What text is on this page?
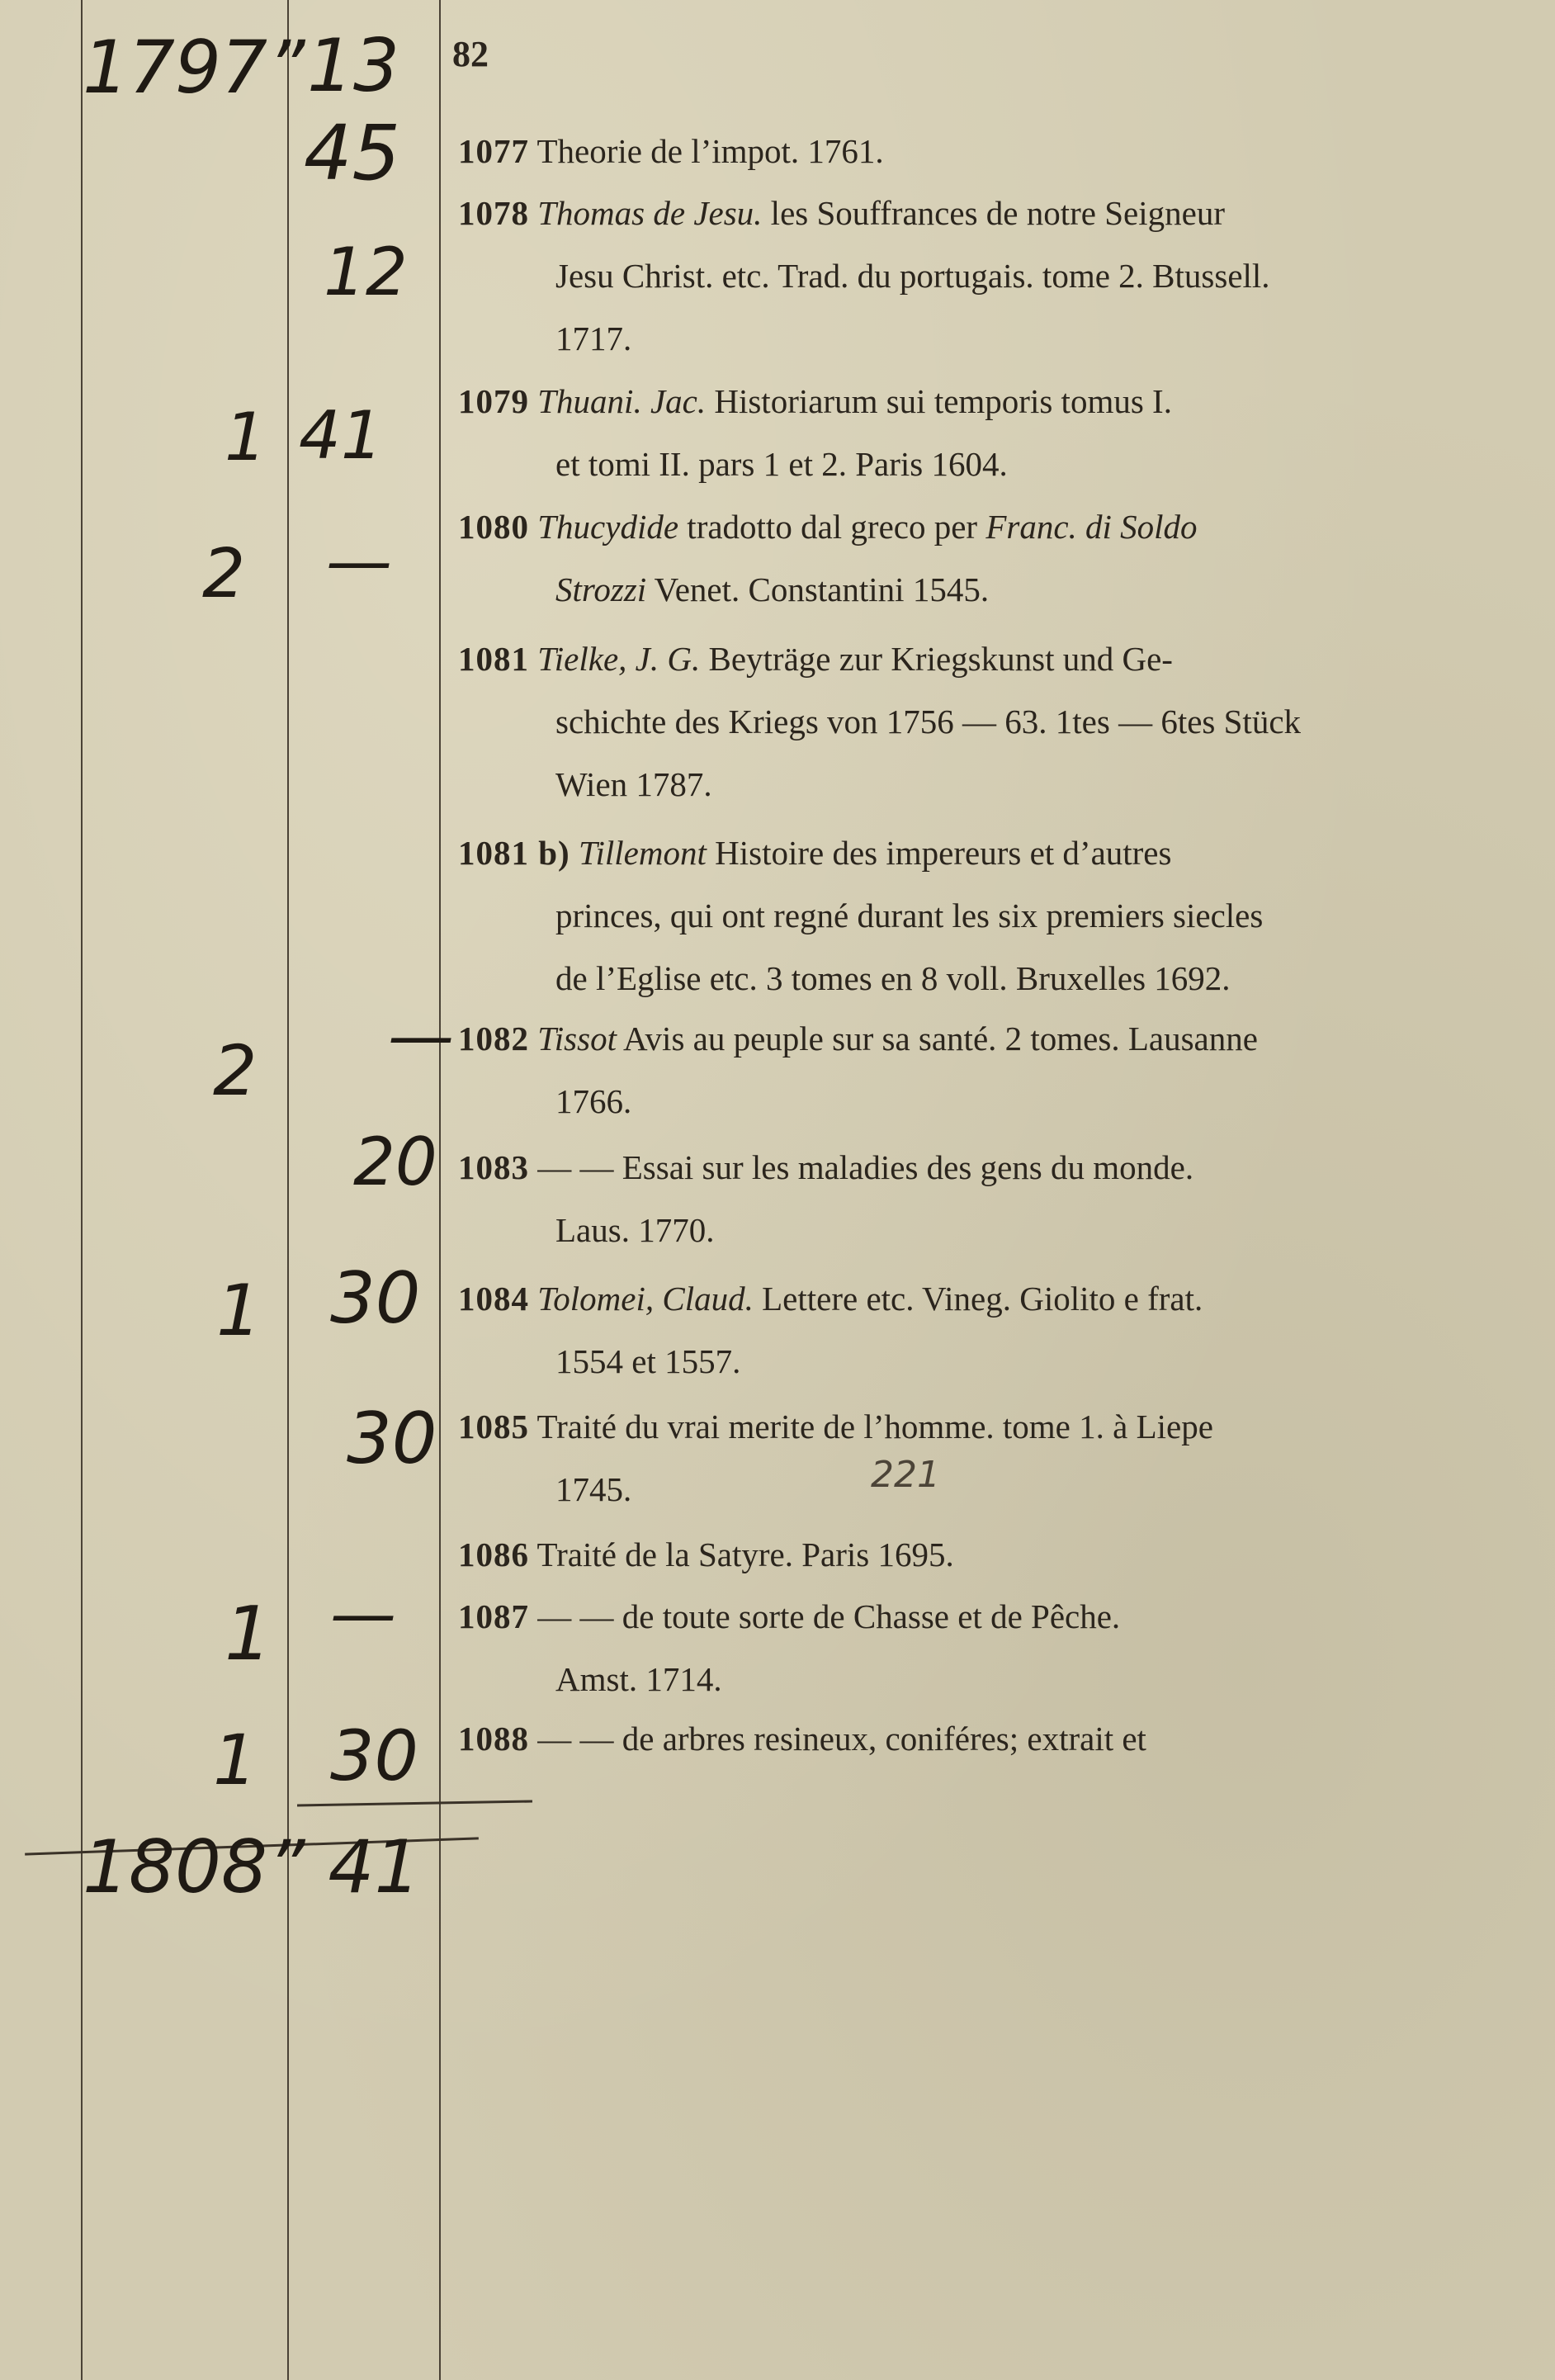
82
1797” 13
45
12
1 41
2 —
2 —
20
1 30
30
1 —
1 30
1808” 41
221
1077 Theorie de l’impot. 1761.
1078 Thomas de Jesu. les Souffrances de notre Seigneur
Jesu Christ. etc. Trad. du portugais. tome 2. Btussell.
1717.
1079 Thuani. Jac. Historiarum sui temporis tomus I.
et tomi II. pars 1 et 2. Paris 1604.
1080 Thucydide tradotto dal greco per Franc. di Soldo
Strozzi Venet. Constantini 1545.
1081 Tielke, J. G. Beyträge zur Kriegskunst und Ge-
schichte des Kriegs von 1756 — 63. 1tes — 6tes Stück
Wien 1787.
1081 b) Tillemont Histoire des impereurs et d’autres
princes, qui ont regné durant les six premiers siecles
de l’Eglise etc. 3 tomes en 8 voll. Bruxelles 1692.
1082 Tissot Avis au peuple sur sa santé. 2 tomes. Lausanne
1766.
1083 — — Essai sur les maladies des gens du monde.
Laus. 1770.
1084 Tolomei, Claud. Lettere etc. Vineg. Giolito e frat.
1554 et 1557.
1085 Traité du vrai merite de l’homme. tome 1. à Liepe
1745.
1086 Traité de la Satyre. Paris 1695.
1087 — — de toute sorte de Chasse et de Pêche.
Amst. 1714.
1088 — — de arbres resineux, coniféres; extrait et
